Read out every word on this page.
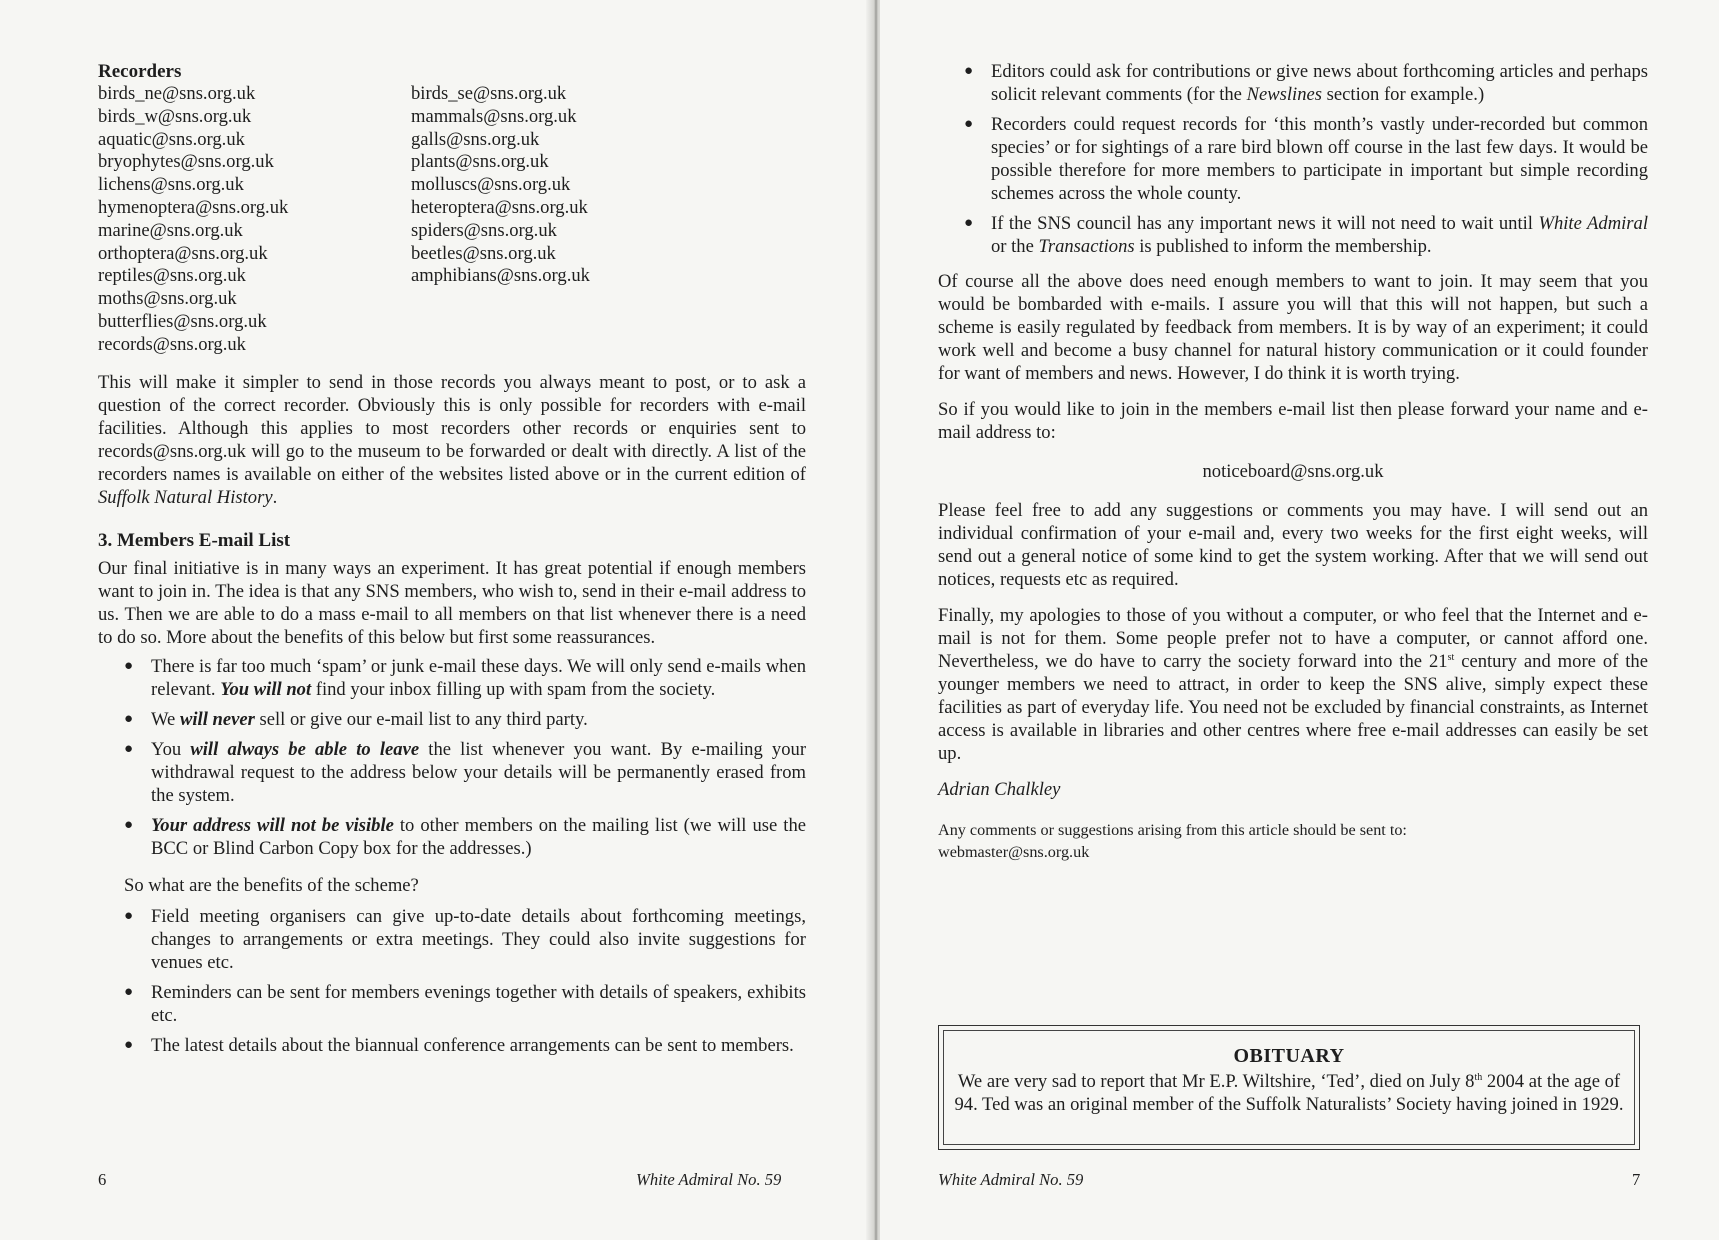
Recorders
birds_ne@sns.org.uk
birds_w@sns.org.uk
aquatic@sns.org.uk
bryophytes@sns.org.uk
lichens@sns.org.uk
hymenoptera@sns.org.uk
marine@sns.org.uk
orthoptera@sns.org.uk
reptiles@sns.org.uk
moths@sns.org.uk
butterflies@sns.org.uk
records@sns.org.uk
birds_se@sns.org.uk
mammals@sns.org.uk
galls@sns.org.uk
plants@sns.org.uk
molluscs@sns.org.uk
heteroptera@sns.org.uk
spiders@sns.org.uk
beetles@sns.org.uk
amphibians@sns.org.uk

This will make it simpler to send in those records you always meant to post, or to ask a question of the correct recorder. Obviously this is only possible for recorders with e-mail facilities. Although this applies to most recorders other records or enquiries sent to records@sns.org.uk will go to the museum to be forwarded or dealt with directly. A list of the recorders names is available on either of the websites listed above or in the current edition of Suffolk Natural History.

3. Members E-mail List

Our final initiative is in many ways an experiment. It has great potential if enough members want to join in. The idea is that any SNS members, who wish to, send in their e-mail address to us. Then we are able to do a mass e-mail to all members on that list whenever there is a need to do so. More about the benefits of this below but first some reassurances.

● There is far too much ‘spam’ or junk e-mail these days. We will only send e-mails when relevant. You will not find your inbox filling up with spam from the society.
● We will never sell or give our e-mail list to any third party.
● You will always be able to leave the list whenever you want. By e-mailing your withdrawal request to the address below your details will be permanently erased from the system.
● Your address will not be visible to other members on the mailing list (we will use the BCC or Blind Carbon Copy box for the addresses.)

So what are the benefits of the scheme?

● Field meeting organisers can give up-to-date details about forthcoming meetings, changes to arrangements or extra meetings. They could also invite suggestions for venues etc.
● Reminders can be sent for members evenings together with details of speakers, exhibits etc.
● The latest details about the biannual conference arrangements can be sent to members.
6	White Admiral No. 59
● Editors could ask for contributions or give news about forthcoming articles and perhaps solicit relevant comments (for the Newslines section for example.)
● Recorders could request records for ‘this month’s vastly under-recorded but common species’ or for sightings of a rare bird blown off course in the last few days. It would be possible therefore for more members to participate in important but simple recording schemes across the whole county.
● If the SNS council has any important news it will not need to wait until White Admiral or the Transactions is published to inform the membership.

Of course all the above does need enough members to want to join. It may seem that you would be bombarded with e-mails. I assure you will that this will not happen, but such a scheme is easily regulated by feedback from members. It is by way of an experiment; it could work well and become a busy channel for natural history communication or it could founder for want of members and news. However, I do think it is worth trying.

So if you would like to join in the members e-mail list then please forward your name and e-mail address to:

noticeboard@sns.org.uk

Please feel free to add any suggestions or comments you may have. I will send out an individual confirmation of your e-mail and, every two weeks for the first eight weeks, will send out a general notice of some kind to get the system working. After that we will send out notices, requests etc as required.

Finally, my apologies to those of you without a computer, or who feel that the Internet and e-mail is not for them. Some people prefer not to have a computer, or cannot afford one. Nevertheless, we do have to carry the society forward into the 21st century and more of the younger members we need to attract, in order to keep the SNS alive, simply expect these facilities as part of everyday life. You need not be excluded by financial constraints, as Internet access is available in libraries and other centres where free e-mail addresses can easily be set up.

Adrian Chalkley
Any comments or suggestions arising from this article should be sent to:
webmaster@sns.org.uk
OBITUARY
We are very sad to report that Mr E.P. Wiltshire, ‘Ted’, died on July 8th 2004 at the age of 94. Ted was an original member of the Suffolk Naturalists’ Society having joined in 1929.
White Admiral No. 59	7
